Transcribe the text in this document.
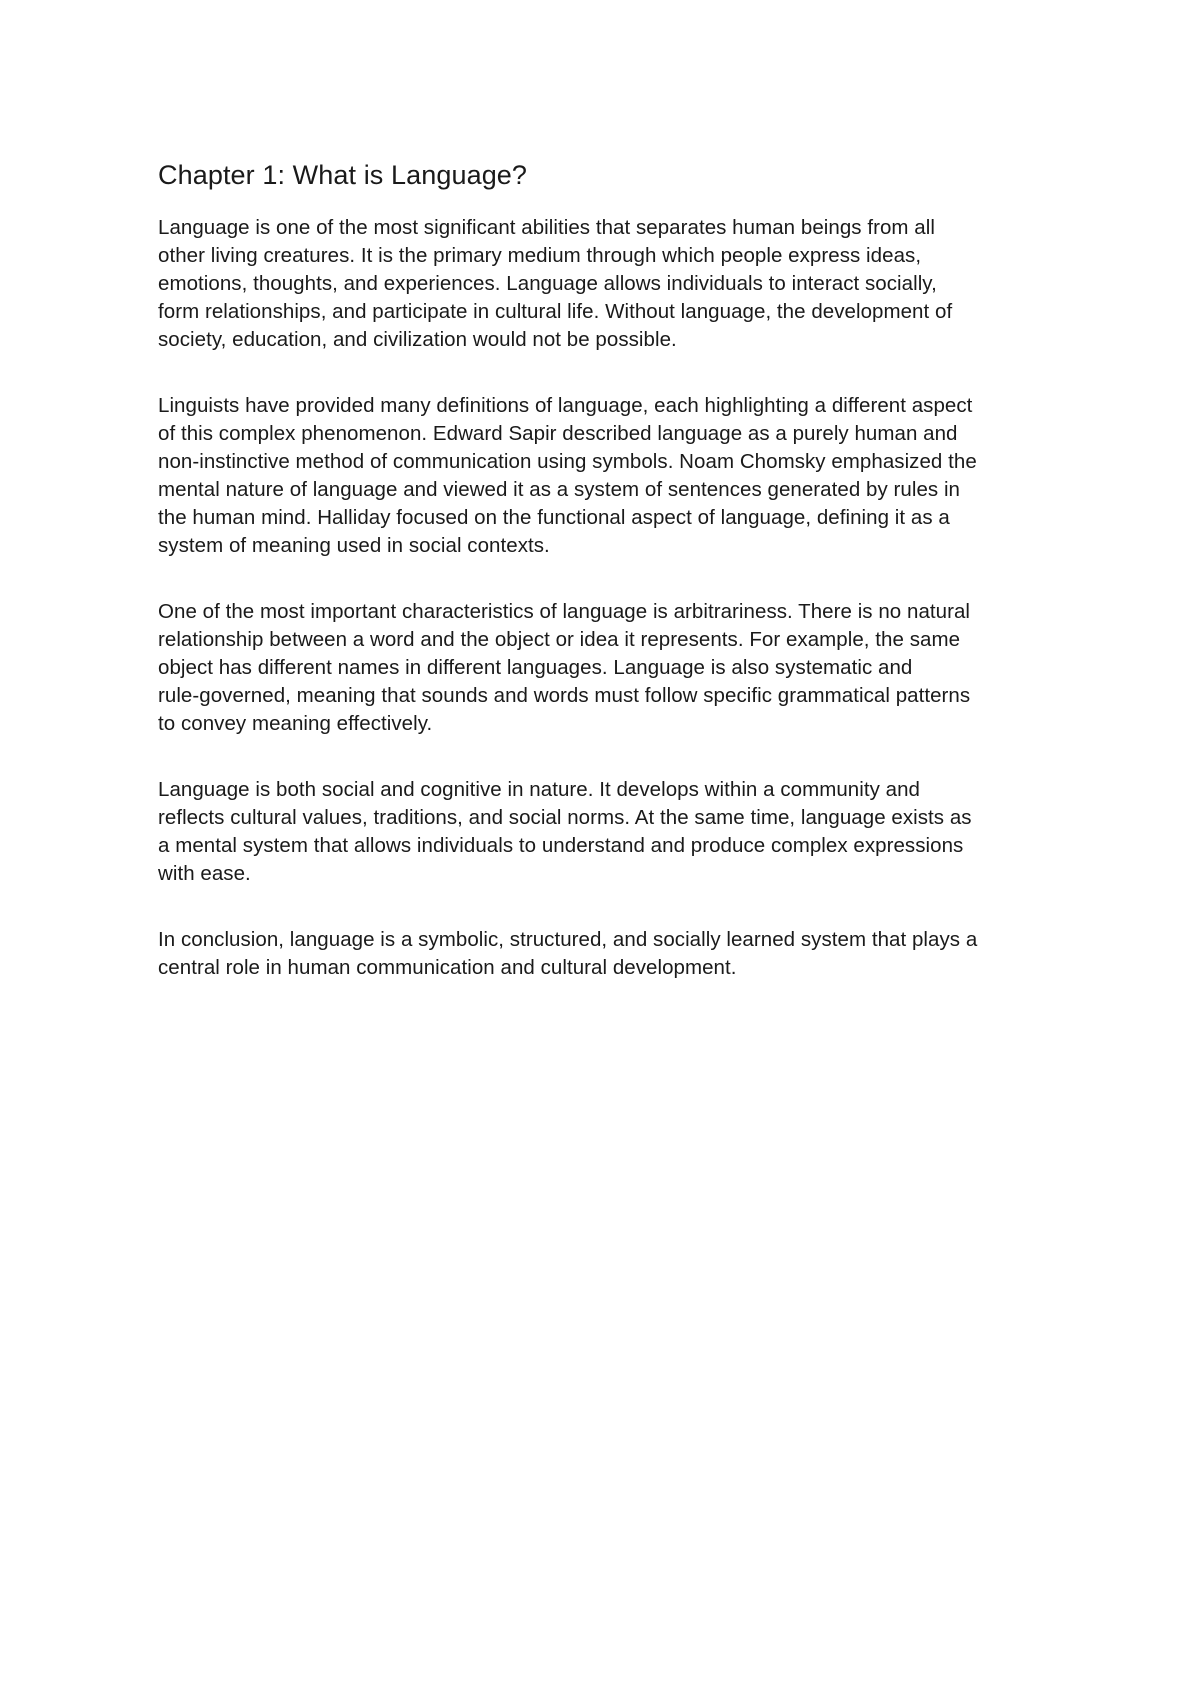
Chapter 1: What is Language?

Language is one of the most significant abilities that separates human beings from all
other living creatures. It is the primary medium through which people express ideas,
emotions, thoughts, and experiences. Language allows individuals to interact socially,
form relationships, and participate in cultural life. Without language, the development of
society, education, and civilization would not be possible.

Linguists have provided many definitions of language, each highlighting a different aspect
of this complex phenomenon. Edward Sapir described language as a purely human and
non-instinctive method of communication using symbols. Noam Chomsky emphasized the
mental nature of language and viewed it as a system of sentences generated by rules in
the human mind. Halliday focused on the functional aspect of language, defining it as a
system of meaning used in social contexts.

One of the most important characteristics of language is arbitrariness. There is no natural
relationship between a word and the object or idea it represents. For example, the same
object has different names in different languages. Language is also systematic and
rule-governed, meaning that sounds and words must follow specific grammatical patterns
to convey meaning effectively.

Language is both social and cognitive in nature. It develops within a community and
reflects cultural values, traditions, and social norms. At the same time, language exists as
a mental system that allows individuals to understand and produce complex expressions
with ease.

In conclusion, language is a symbolic, structured, and socially learned system that plays a
central role in human communication and cultural development.
